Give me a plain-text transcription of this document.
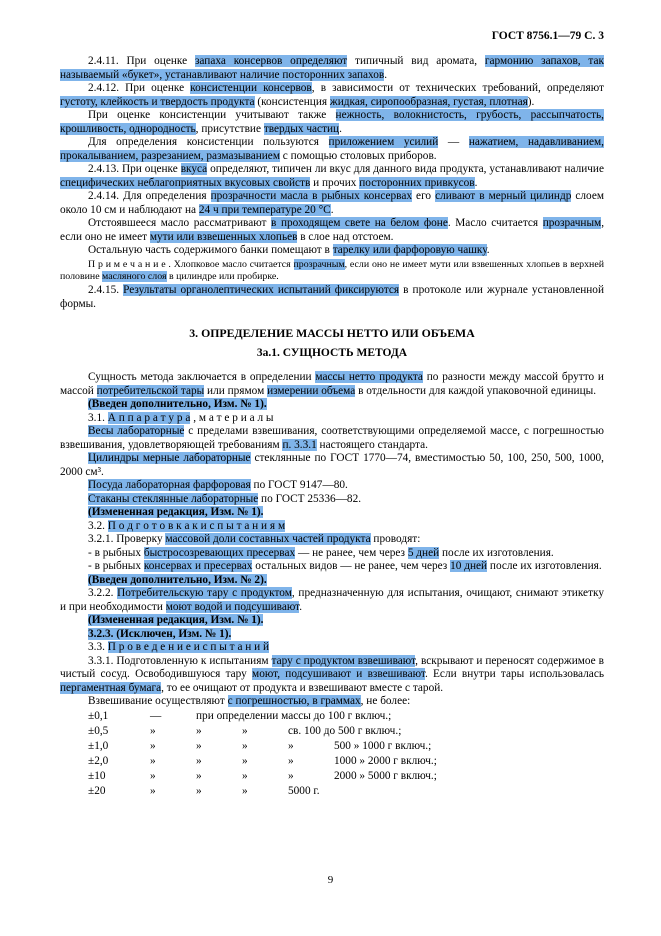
ГОСТ 8756.1—79 С. 3
2.4.11. При оценке запаха консервов определяют типичный вид аромата, гармонию запахов, так называемый «букет», устанавливают наличие посторонних запахов.
2.4.12. При оценке консистенции консервов, в зависимости от технических требований, определяют густоту, клейкость и твердость продукта (консистенция жидкая, сиропообразная, густая, плотная).
При оценке консистенции учитывают также нежность, волокнистость, грубость, рассыпчатость, крошливость, однородность, присутствие твердых частиц.
Для определения консистенции пользуются приложением усилий — нажатием, надавливанием, прокалыванием, разрезанием, размазыванием с помощью столовых приборов.
2.4.13. При оценке вкуса определяют, типичен ли вкус для данного вида продукта, устанавливают наличие специфических неблагоприятных вкусовых свойств и прочих посторонних привкусов.
2.4.14. Для определения прозрачности масла в рыбных консервах его сливают в мерный цилиндр слоем около 10 см и наблюдают на 24 ч при температуре 20 °С.
Отстоявшееся масло рассматривают в проходящем свете на белом фоне. Масло считается прозрачным, если оно не имеет мути или взвешенных хлопьев в слое над отстоем.
Остальную часть содержимого банки помещают в тарелку или фарфоровую чашку.
П р и м е ч а н и е . Хлопковое масло считается прозрачным, если оно не имеет мути или взвешенных хлопьев в верхней половине масляного слоя в цилиндре или пробирке.
2.4.15. Результаты органолептических испытаний фиксируются в протоколе или журнале установленной формы.
3. ОПРЕДЕЛЕНИЕ МАССЫ НЕТТО ИЛИ ОБЪЕМА
3а.1. СУЩНОСТЬ МЕТОДА
Сущность метода заключается в определении массы нетто продукта по разности между массой брутто и массой потребительской тары или прямом измерении объема в отдельности для каждой упаковочной единицы.
(Введен дополнительно, Изм. № 1).
3.1. А п п а р а т у р а , м а т е р и а л ы
Весы лабораторные с пределами взвешивания, соответствующими определяемой массе, с погрешностью взвешивания, удовлетворяющей требованиям п. 3.3.1 настоящего стандарта.
Цилиндры мерные лабораторные стеклянные по ГОСТ 1770—74, вместимостью 50, 100, 250, 500, 1000, 2000 см³.
Посуда лабораторная фарфоровая по ГОСТ 9147—80.
Стаканы стеклянные лабораторные по ГОСТ 25336—82.
(Измененная редакция, Изм. № 1).
3.2. П о д г о т о в к а к и с п ы т а н и я м
3.2.1. Проверку массовой доли составных частей продукта проводят:
- в рыбных быстросозревающих пресервах — не ранее, чем через 5 дней после их изготовления.
- в рыбных консервах и пресервах остальных видов — не ранее, чем через 10 дней после их изготовления.
(Введен дополнительно, Изм. № 2).
3.2.2. Потребительскую тару с продуктом, предназначенную для испытания, очищают, снимают этикетку и при необходимости моют водой и подсушивают.
(Измененная редакция, Изм. № 1).
3.2.3. (Исключен, Изм. № 1).
3.3. П р о в е д е н и е и с п ы т а н и й
3.3.1. Подготовленную к испытаниям тару с продуктом взвешивают, вскрывают и переносят содержимое в чистый сосуд. Освободившуюся тару моют, подсушивают и взвешивают. Если внутри тары использовалась пергаментная бумага, то ее очищают от продукта и взвешивают вместе с тарой.
Взвешивание осуществляют с погрешностью, в граммах, не более:
±0,1	—	при определении массы до 100 г включ.;
±0,5	»	»	»	св. 100 до 500 г включ.;
±1,0	»	»	»	»	500 » 1000 г включ.;
±2,0	»	»	»	»	1000 » 2000 г включ.;
±10	»	»	»	»	2000 » 5000 г включ.;
±20	»	»	»	5000 г.
9
